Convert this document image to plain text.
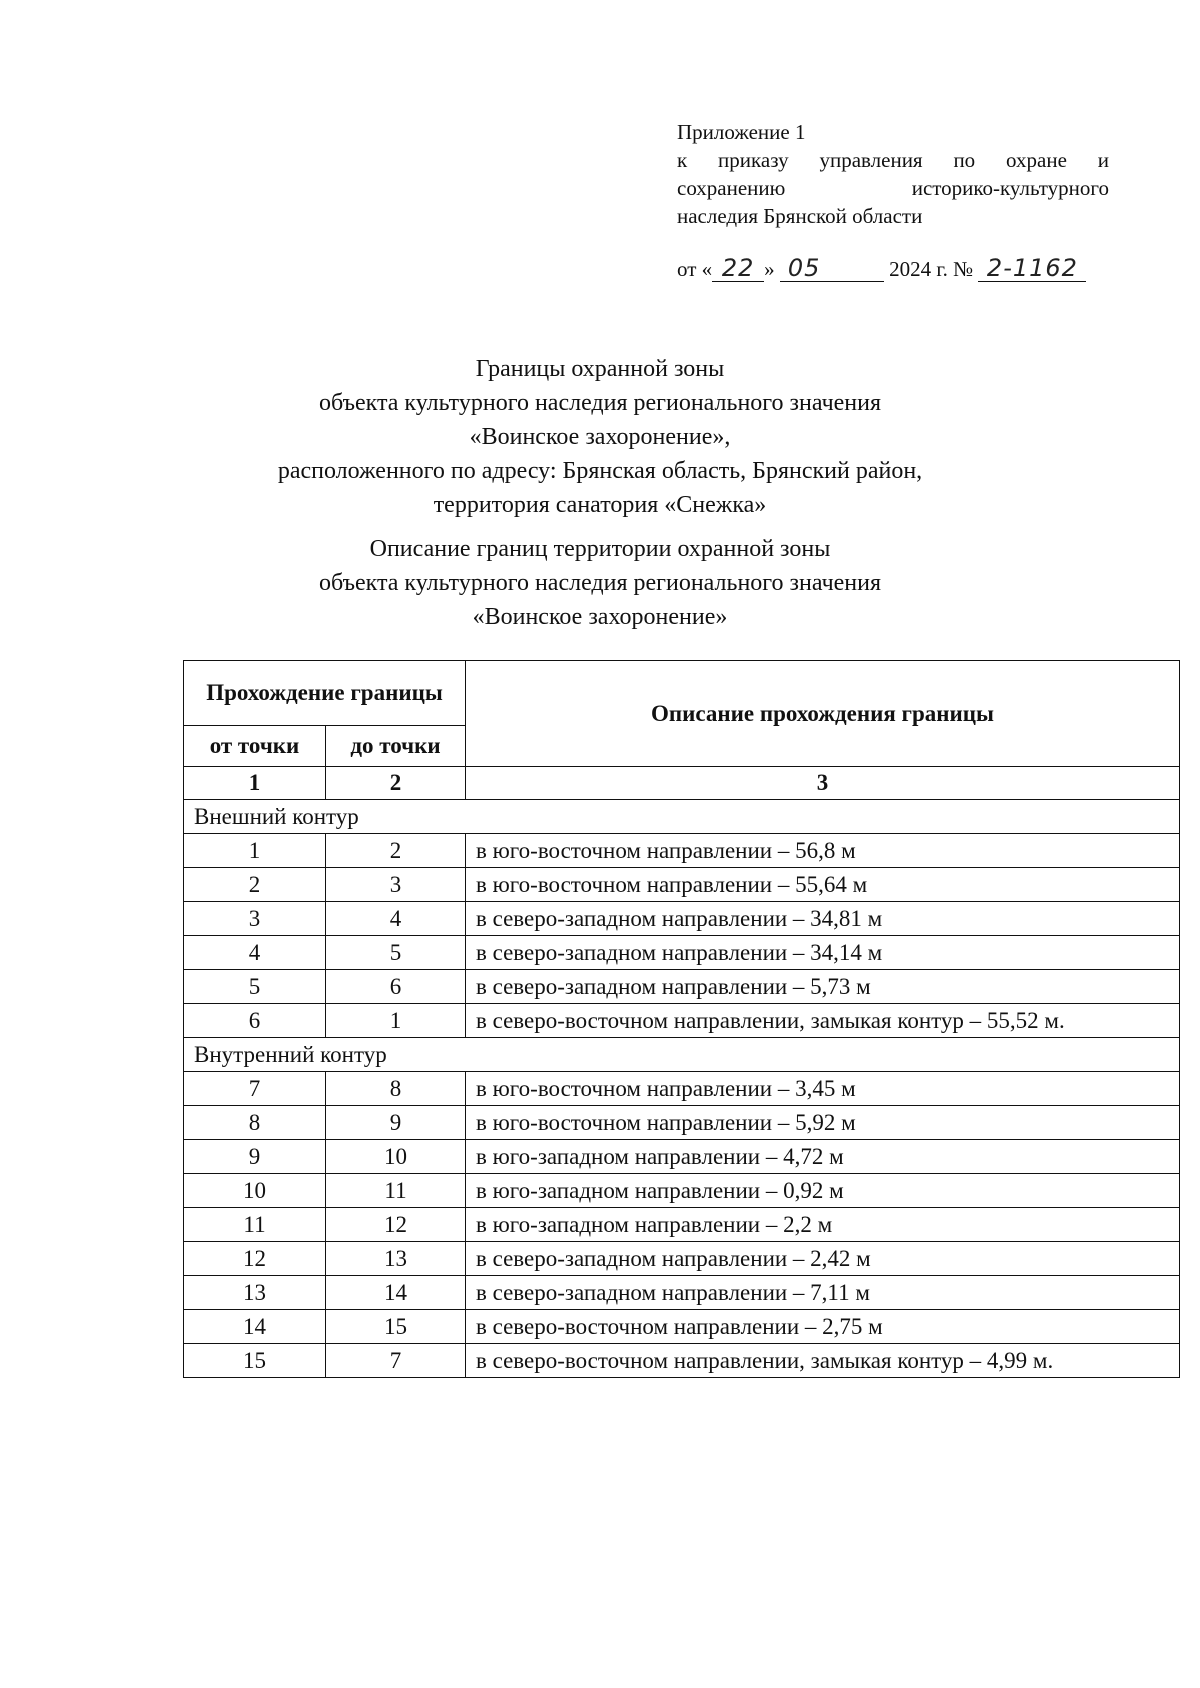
Приложение 1
к приказу управления по охране и
сохранению историко-культурного
наследия Брянской области
от « 22 » 05	2024 г. № 2-1162
Границы охранной зоны
объекта культурного наследия регионального значения
«Воинское захоронение»,
расположенного по адресу: Брянская область, Брянский район,
территория санатория «Снежка»
Описание границ территории охранной зоны
объекта культурного наследия регионального значения
«Воинское захоронение»
Прохождение границы		Описание прохождения границы
от точки	до точки	
1	2	3
Внешний контур		
1	2	в юго-восточном направлении – 56,8 м
2	3	в юго-восточном направлении – 55,64 м
3	4	в северо-западном направлении – 34,81 м
4	5	в северо-западном направлении – 34,14 м
5	6	в северо-западном направлении – 5,73 м
6	1	в северо-восточном направлении, замыкая контур – 55,52 м.
Внутренний контур		
7	8	в юго-восточном направлении – 3,45 м
8	9	в юго-восточном направлении – 5,92 м
9	10	в юго-западном направлении – 4,72 м
10	11	в юго-западном направлении – 0,92 м
11	12	в юго-западном направлении – 2,2 м
12	13	в северо-западном направлении – 2,42 м
13	14	в северо-западном направлении – 7,11 м
14	15	в северо-восточном направлении – 2,75 м
15	7	в северо-восточном направлении, замыкая контур – 4,99 м.
